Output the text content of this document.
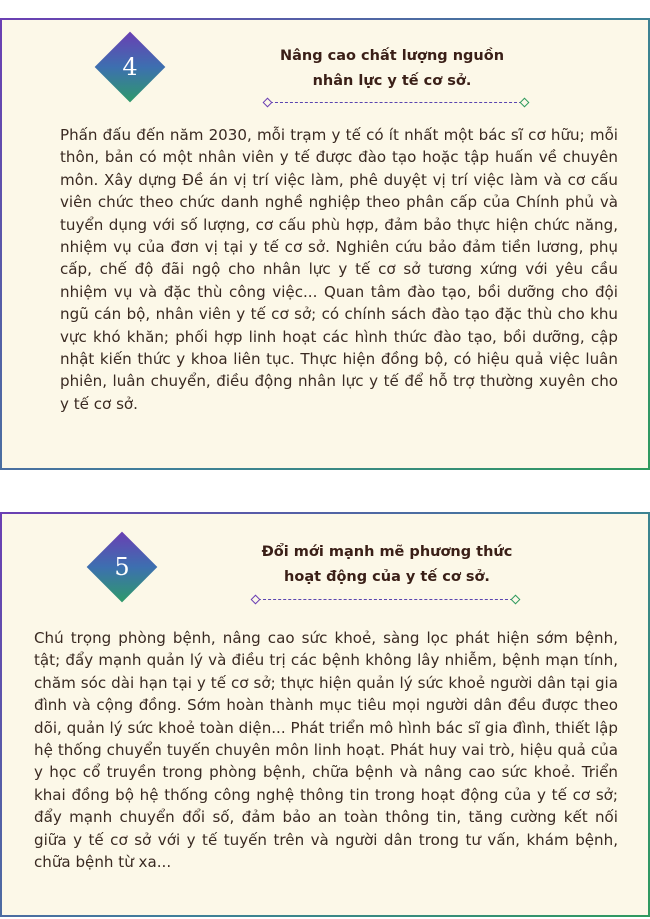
4	Nâng cao chất lượng nguồn
nhân lực y tế cơ sở.

Phấn đấu đến năm 2030, mỗi trạm y tế có ít nhất một bác sĩ cơ hữu; mỗi thôn, bản có một nhân viên y tế được đào tạo hoặc tập huấn về chuyên môn. Xây dựng Đề án vị trí việc làm, phê duyệt vị trí việc làm và cơ cấu viên chức theo chức danh nghề nghiệp theo phân cấp của Chính phủ và tuyển dụng với số lượng, cơ cấu phù hợp, đảm bảo thực hiện chức năng, nhiệm vụ của đơn vị tại y tế cơ sở. Nghiên cứu bảo đảm tiền lương, phụ cấp, chế độ đãi ngộ cho nhân lực y tế cơ sở tương xứng với yêu cầu nhiệm vụ và đặc thù công việc... Quan tâm đào tạo, bồi dưỡng cho đội ngũ cán bộ, nhân viên y tế cơ sở; có chính sách đào tạo đặc thù cho khu vực khó khăn; phối hợp linh hoạt các hình thức đào tạo, bồi dưỡng, cập nhật kiến thức y khoa liên tục. Thực hiện đồng bộ, có hiệu quả việc luân phiên, luân chuyển, điều động nhân lực y tế để hỗ trợ thường xuyên cho y tế cơ sở.

5
Đổi mới mạnh mẽ phương thức
hoạt động của y tế cơ sở.

Chú trọng phòng bệnh, nâng cao sức khoẻ, sàng lọc phát hiện sớm bệnh, tật; đẩy mạnh quản lý và điều trị các bệnh không lây nhiễm, bệnh mạn tính, chăm sóc dài hạn tại y tế cơ sở; thực hiện quản lý sức khoẻ người dân tại gia đình và cộng đồng. Sớm hoàn thành mục tiêu mọi người dân đều được theo dõi, quản lý sức khoẻ toàn diện... Phát triển mô hình bác sĩ gia đình, thiết lập hệ thống chuyển tuyến chuyên môn linh hoạt. Phát huy vai trò, hiệu quả của y học cổ truyền trong phòng bệnh, chữa bệnh và nâng cao sức khoẻ. Triển khai đồng bộ hệ thống công nghệ thông tin trong hoạt động của y tế cơ sở; đẩy mạnh chuyển đổi số, đảm bảo an toàn thông tin, tăng cường kết nối giữa y tế cơ sở với y tế tuyến trên và người dân trong tư vấn, khám bệnh, chữa bệnh từ xa...
